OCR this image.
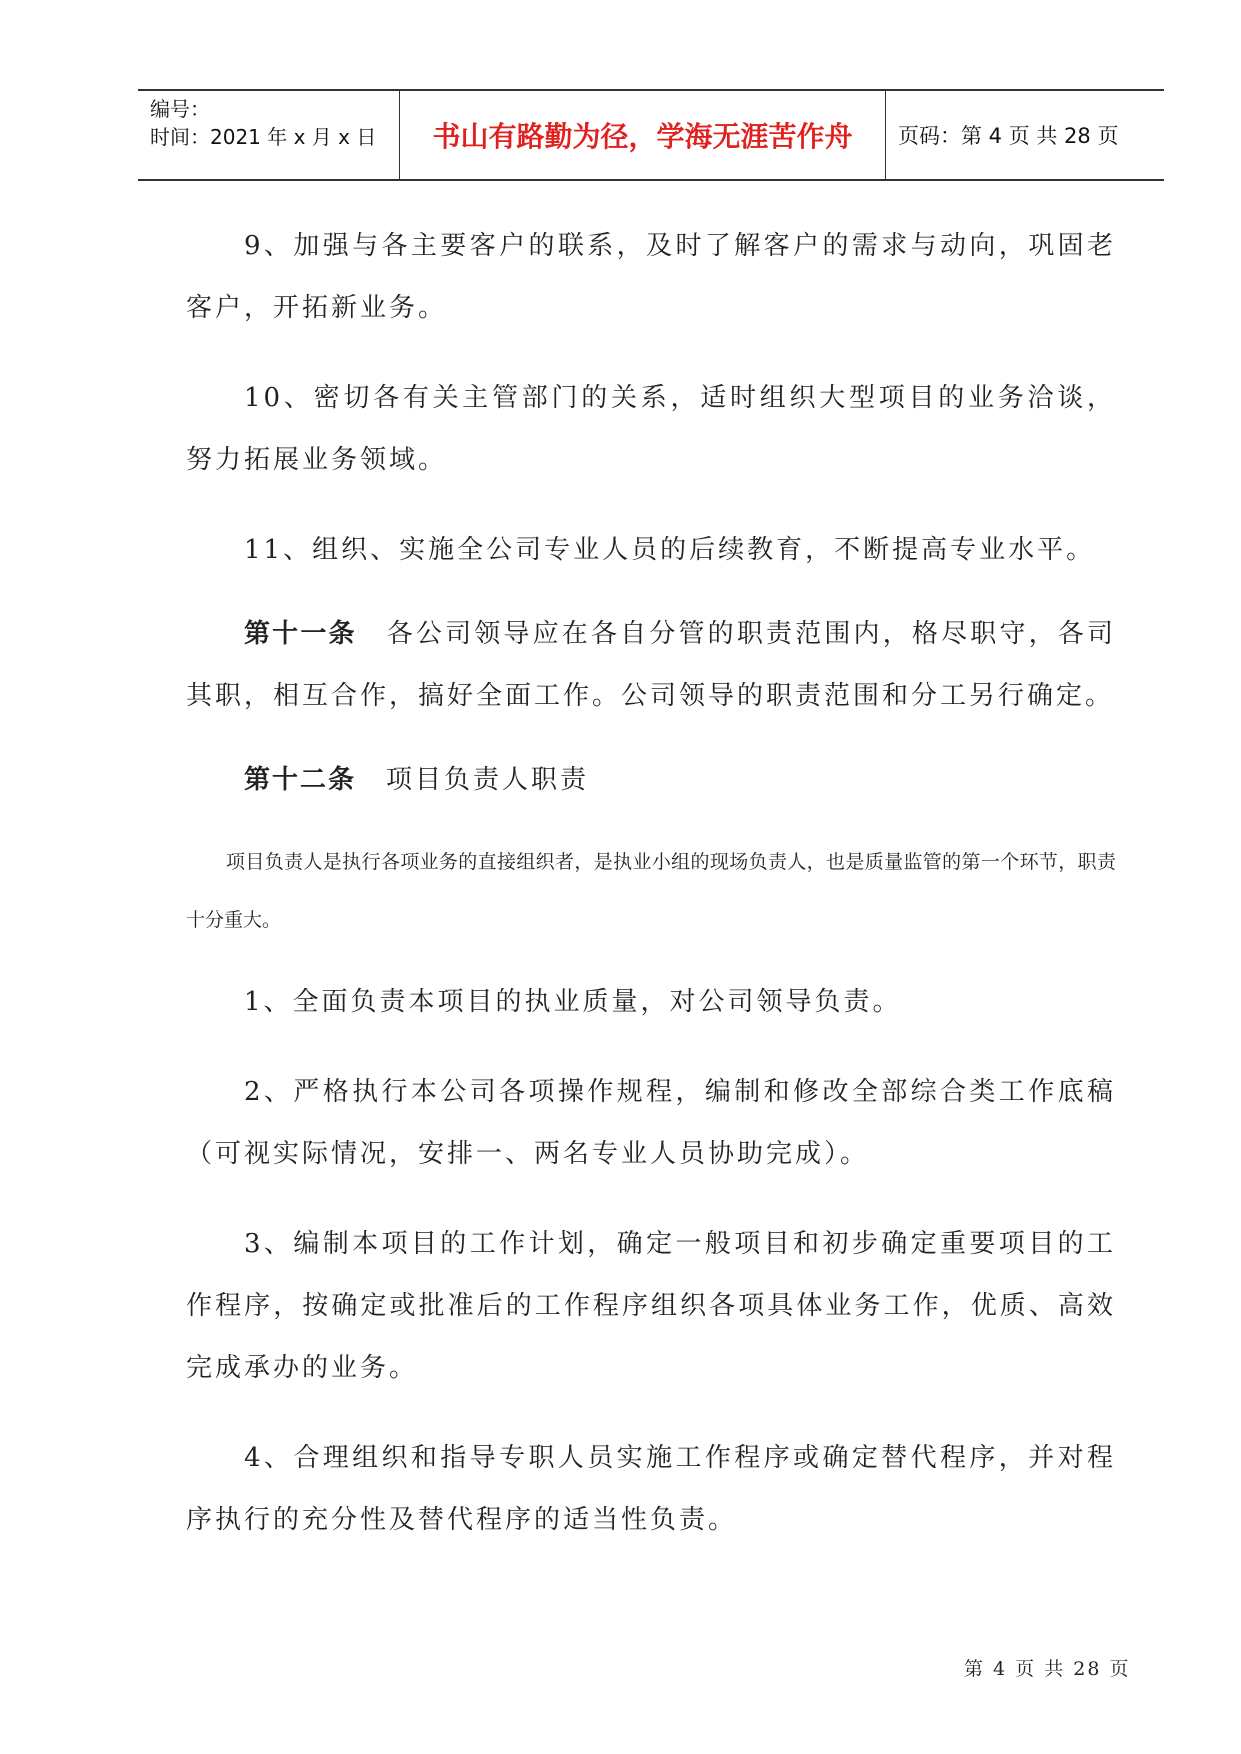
编号：
时间：2021 年 x 月 x 日	书山有路勤为径，学海无涯苦作舟 页码：第 4 页 共 28 页

9、加强与各主要客户的联系，及时了解客户的需求与动向，巩固老客户，开拓新业务。

10、密切各有关主管部门的关系，适时组织大型项目的业务洽谈，努力拓展业务领域。

11、组织、实施全公司专业人员的后续教育，不断提高专业水平。

第十一条 各公司领导应在各自分管的职责范围内，格尽职守，各司其职，相互合作，搞好全面工作。公司领导的职责范围和分工另行确定。

第十二条 项目负责人职责

项目负责人是执行各项业务的直接组织者，是执业小组的现场负责人，也是质量监管的第一个环节，职责十分重大。

1、全面负责本项目的执业质量，对公司领导负责。

2、严格执行本公司各项操作规程，编制和修改全部综合类工作底稿（可视实际情况，安排一、两名专业人员协助完成）。

3、编制本项目的工作计划，确定一般项目和初步确定重要项目的工作程序，按确定或批准后的工作程序组织各项具体业务工作，优质、高效完成承办的业务。

4、合理组织和指导专职人员实施工作程序或确定替代程序，并对程序执行的充分性及替代程序的适当性负责。

第 4 页 共 28 页
